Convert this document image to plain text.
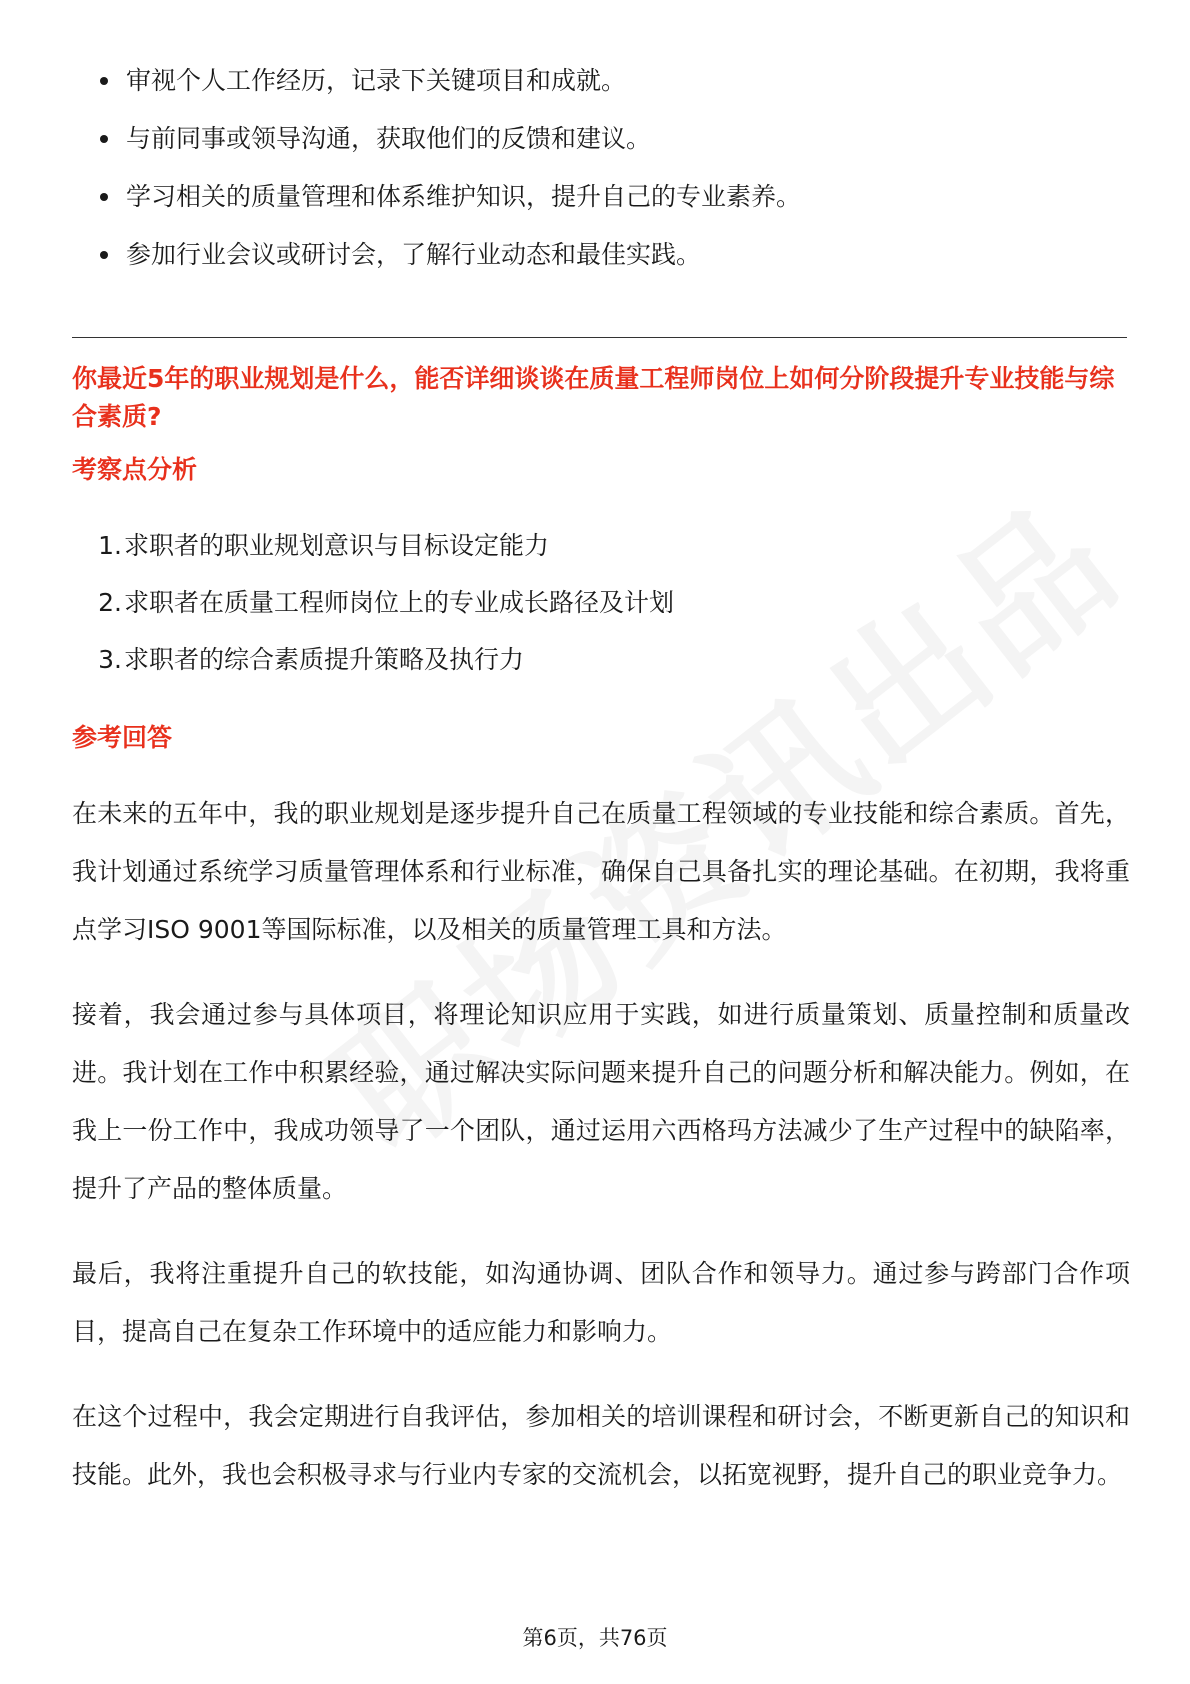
审视个人工作经历，记录下关键项目和成就。
与前同事或领导沟通，获取他们的反馈和建议。
学习相关的质量管理和体系维护知识，提升自己的专业素养。
参加行业会议或研讨会，了解行业动态和最佳实践。
你最近5年的职业规划是什么，能否详细谈谈在质量工程师岗位上如何分阶段提升专业技能与综合素质?
考察点分析
1.求职者的职业规划意识与目标设定能力
2.求职者在质量工程师岗位上的专业成长路径及计划
3.求职者的综合素质提升策略及执行力
参考回答

在未来的五年中，我的职业规划是逐步提升自己在质量工程领域的专业技能和综合素质。首先，我计划通过系统学习质量管理体系和行业标准，确保自己具备扎实的理论基础。在初期，我将重点学习ISO 9001等国际标准，以及相关的质量管理工具和方法。

接着，我会通过参与具体项目，将理论知识应用于实践，如进行质量策划、质量控制和质量改进。我计划在工作中积累经验，通过解决实际问题来提升自己的问题分析和解决能力。例如，在我上一份工作中，我成功领导了一个团队，通过运用六西格玛方法减少了生产过程中的缺陷率，提升了产品的整体质量。

最后，我将注重提升自己的软技能，如沟通协调、团队合作和领导力。通过参与跨部门合作项目，提高自己在复杂工作环境中的适应能力和影响力。

在这个过程中，我会定期进行自我评估，参加相关的培训课程和研讨会，不断更新自己的知识和技能。此外，我也会积极寻求与行业内专家的交流机会，以拓宽视野，提升自己的职业竞争力。

第6页，共76页
